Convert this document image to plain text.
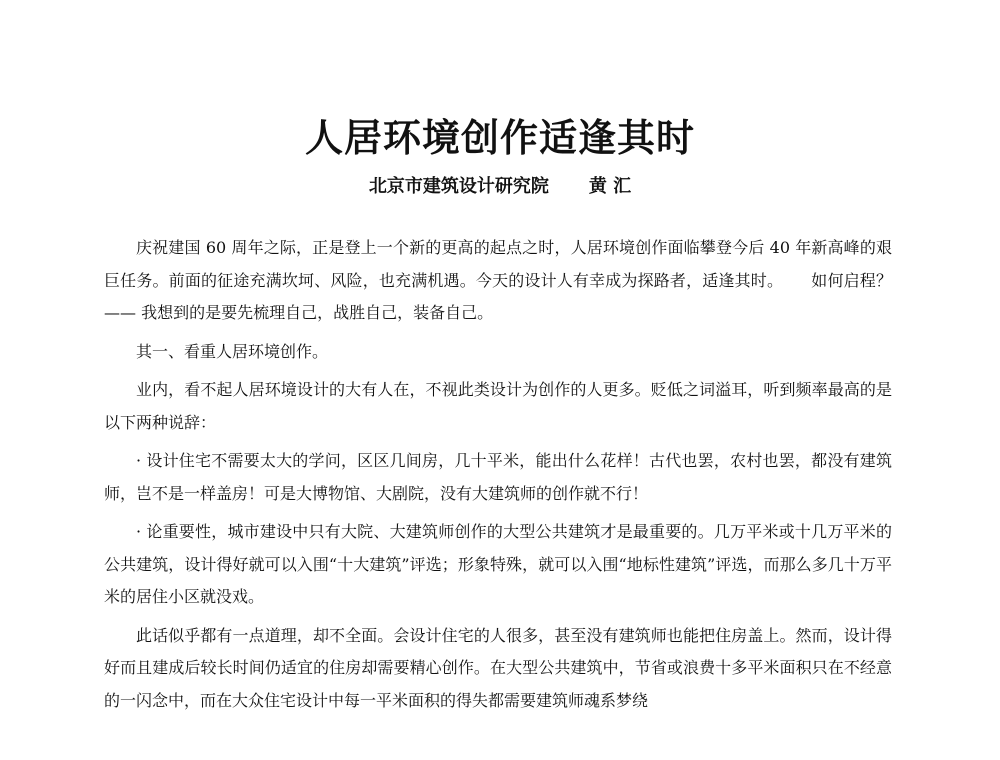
人居环境创作适逢其时
北京市建筑设计研究院 黄 汇

庆祝建国 60 周年之际，正是登上一个新的更高的起点之时，人居环境创作面临攀登今后 40 年新高峰的艰巨任务。前面的征途充满坎坷、风险，也充满机遇。今天的设计人有幸成为探路者，适逢其时。 如何启程？—— 我想到的是要先梳理自己，战胜自己，装备自己。

其一、看重人居环境创作。

业内，看不起人居环境设计的大有人在，不视此类设计为创作的人更多。贬低之词溢耳，听到频率最高的是以下两种说辞：

· 设计住宅不需要太大的学问，区区几间房，几十平米，能出什么花样！古代也罢，农村也罢，都没有建筑师，岂不是一样盖房！可是大博物馆、大剧院，没有大建筑师的创作就不行！

· 论重要性，城市建设中只有大院、大建筑师创作的大型公共建筑才是最重要的。几万平米或十几万平米的公共建筑，设计得好就可以入围“十大建筑”评选；形象特殊，就可以入围“地标性建筑”评选，而那么多几十万平米的居住小区就没戏。

此话似乎都有一点道理，却不全面。会设计住宅的人很多，甚至没有建筑师也能把住房盖上。然而，设计得好而且建成后较长时间仍适宜的住房却需要精心创作。在大型公共建筑中，节省或浪费十多平米面积只在不经意的一闪念中，而在大众住宅设计中每一平米面积的得失都需要建筑师魂系梦绕
